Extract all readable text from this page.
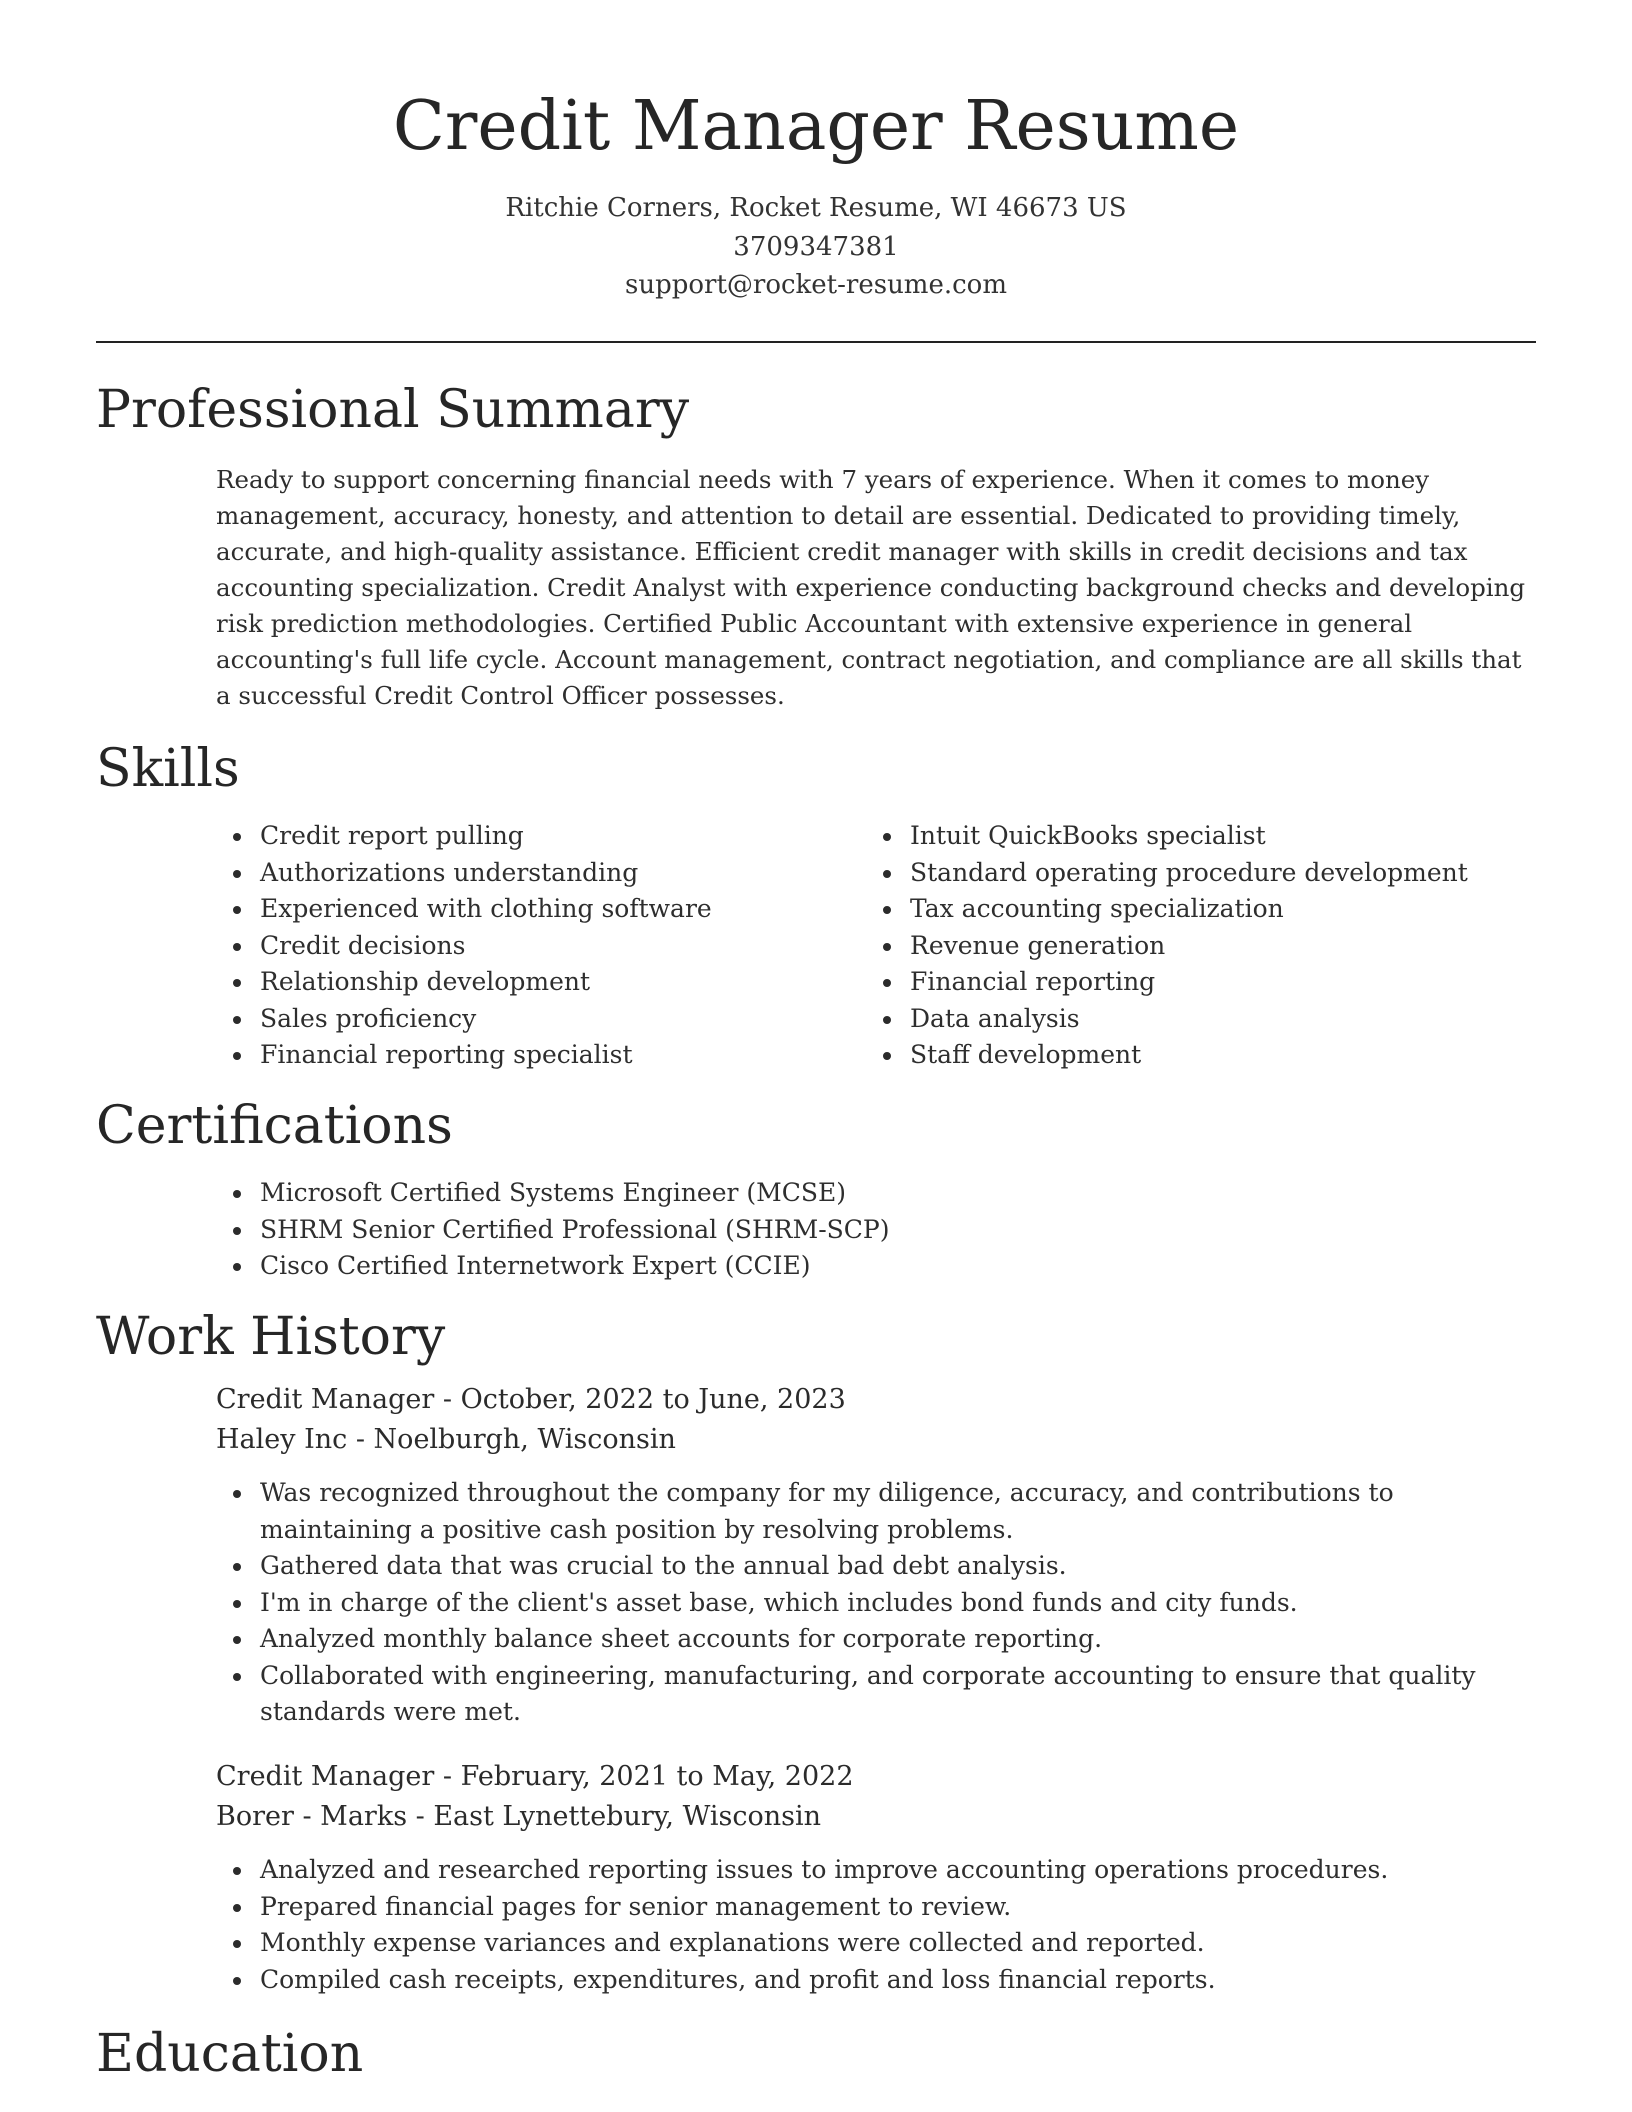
Credit Manager Resume
Ritchie Corners, Rocket Resume, WI 46673 US
3709347381
support@rocket-resume.com
Professional Summary

Ready to support concerning financial needs with 7 years of experience. When it comes to money management, accuracy, honesty, and attention to detail are essential. Dedicated to providing timely, accurate, and high-quality assistance. Efficient credit manager with skills in credit decisions and tax accounting specialization. Credit Analyst with experience conducting background checks and developing risk prediction methodologies. Certified Public Accountant with extensive experience in general accounting's full life cycle. Account management, contract negotiation, and compliance are all skills that a successful Credit Control Officer possesses.

Skills
Credit report pulling
Authorizations understanding
Experienced with clothing software
Credit decisions
Relationship development
Sales proficiency
Financial reporting specialist
Intuit QuickBooks specialist
Standard operating procedure development
Tax accounting specialization
Revenue generation
Financial reporting
Data analysis
Staff development
Certifications
Microsoft Certified Systems Engineer (MCSE)
SHRM Senior Certified Professional (SHRM-SCP)
Cisco Certified Internetwork Expert (CCIE)
Work History
Credit Manager - October, 2022 to June, 2023
Haley Inc - Noelburgh, Wisconsin
Was recognized throughout the company for my diligence, accuracy, and contributions to maintaining a positive cash position by resolving problems.
Gathered data that was crucial to the annual bad debt analysis.
I'm in charge of the client's asset base, which includes bond funds and city funds.
Analyzed monthly balance sheet accounts for corporate reporting.
Collaborated with engineering, manufacturing, and corporate accounting to ensure that quality standards were met.
Credit Manager - February, 2021 to May, 2022
Borer - Marks - East Lynettebury, Wisconsin
Analyzed and researched reporting issues to improve accounting operations procedures.
Prepared financial pages for senior management to review.
Monthly expense variances and explanations were collected and reported.
Compiled cash receipts, expenditures, and profit and loss financial reports.
Education
